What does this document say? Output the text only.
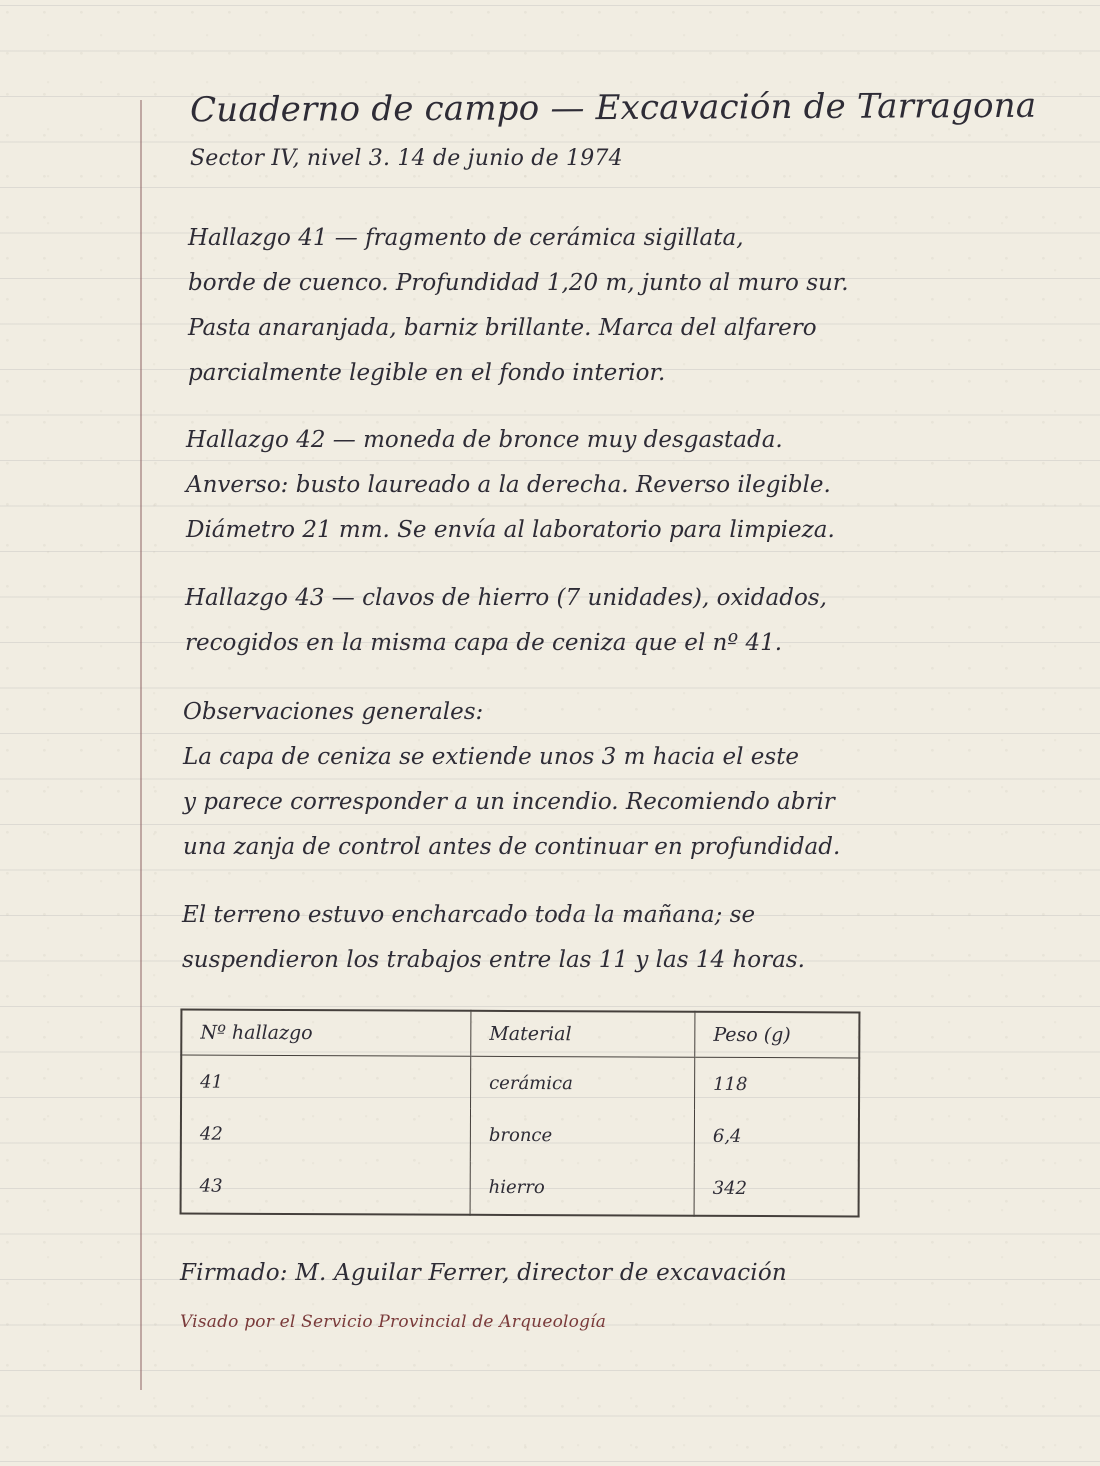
Cuaderno de campo — Excavación de Tarragona
Sector IV, nivel 3. 14 de junio de 1974
Hallazgo 41 — fragmento de cerámica sigillata,
borde de cuenco. Profundidad 1,20 m, junto al muro sur.
Pasta anaranjada, barniz brillante. Marca del alfarero
parcialmente legible en el fondo interior.
Hallazgo 42 — moneda de bronce muy desgastada.
Anverso: busto laureado a la derecha. Reverso ilegible.
Diámetro 21 mm. Se envía al laboratorio para limpieza.
Hallazgo 43 — clavos de hierro (7 unidades), oxidados,
recogidos en la misma capa de ceniza que el nº 41.
Observaciones generales:
La capa de ceniza se extiende unos 3 m hacia el este
y parece corresponder a un incendio. Recomiendo abrir
una zanja de control antes de continuar en profundidad.
El terreno estuvo encharcado toda la mañana; se
suspendieron los trabajos entre las 11 y las 14 horas.
Nº hallazgo	Material	Peso (g)
41	cerámica	118
42	bronce	6,4
43	hierro	342
Firmado: M. Aguilar Ferrer, director de excavación
Visado por el Servicio Provincial de Arqueología
